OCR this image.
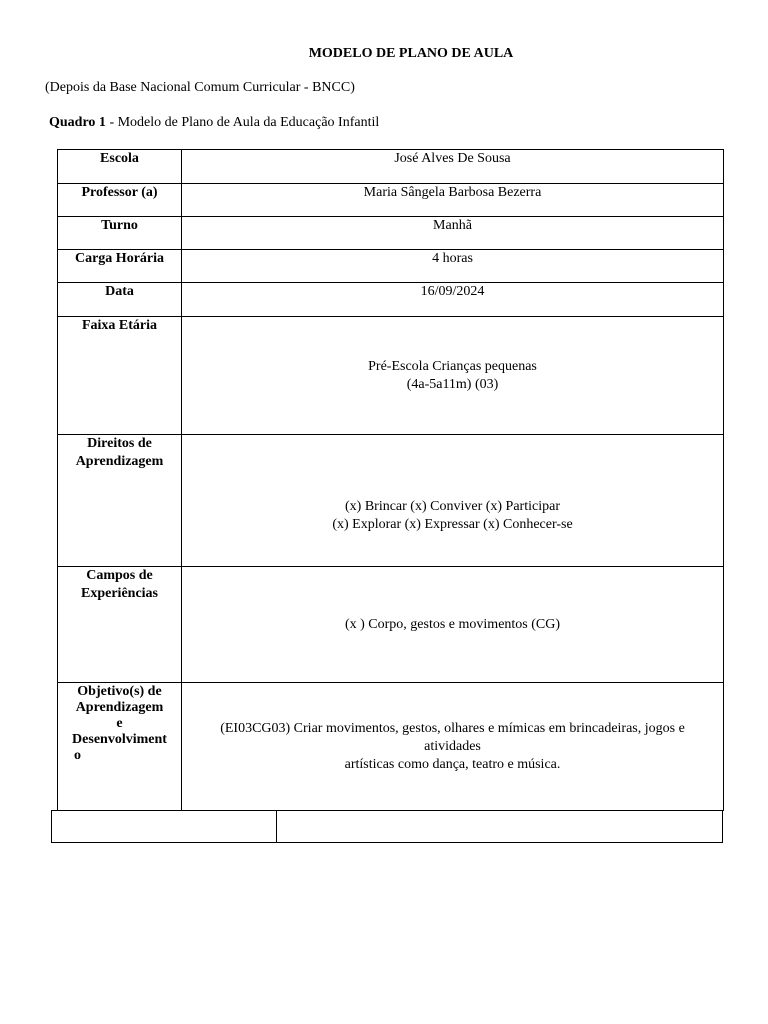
MODELO DE PLANO DE AULA
(Depois da Base Nacional Comum Curricular - BNCC)
Quadro 1 - Modelo de Plano de Aula da Educação Infantil
Escola	José Alves De Sousa
Professor (a)	Maria Sângela Barbosa Bezerra
Turno	Manhã
Carga Horária	4 horas
Data	16/09/2024
Faixa Etária	Pré-Escola Crianças pequenas
(4a-5a11m) (03)

Direitos de
Aprendizagem	(x) Brincar (x) Conviver (x) Participar
(x) Explorar (x) Expressar (x) Conhecer-se

Campos de
Experiências	(x ) Corpo, gestos e movimentos (CG)

Objetivo(s) de
Aprendizagem
e
Desenvolviment
o	(EI03CG03) Criar movimentos, gestos, olhares e mímicas em brincadeiras, jogos e atividades
artísticas como dança, teatro e música.
